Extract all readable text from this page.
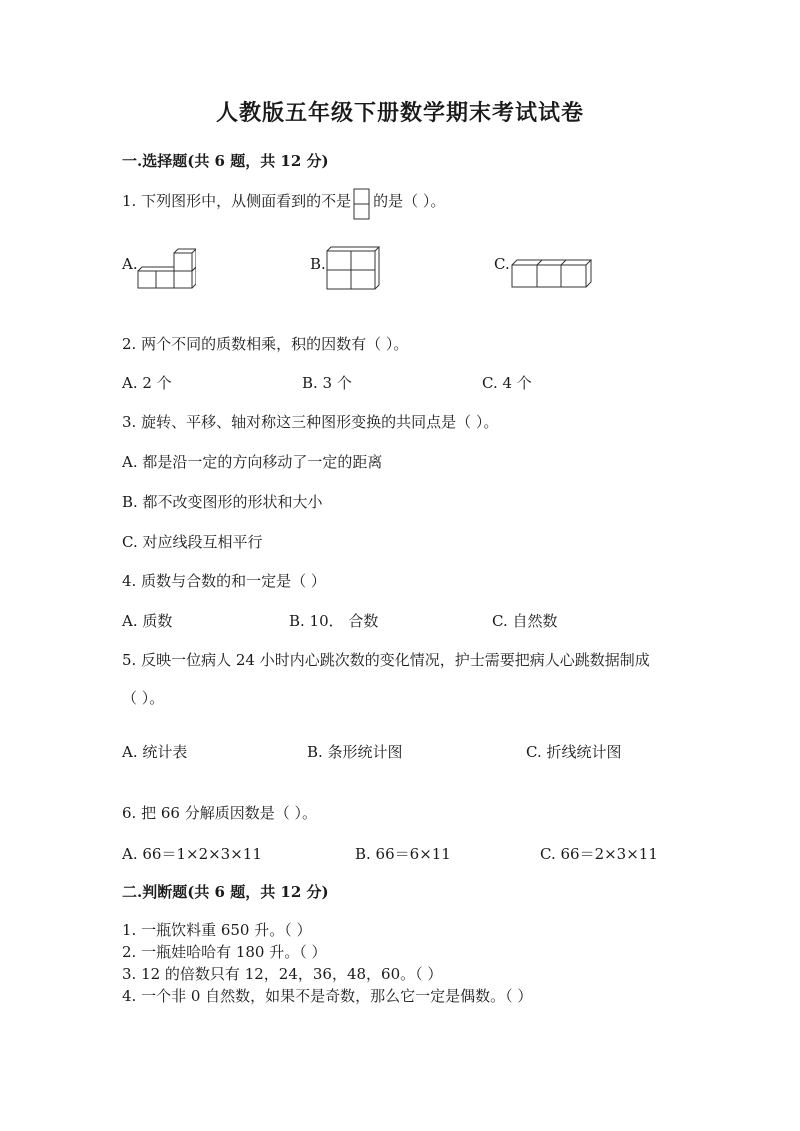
人教版五年级下册数学期末考试试卷
一.选择题(共 6 题，共 12 分)
1. 下列图形中，从侧面看到的不是 的是（ ）。
A.	B.	C.
2. 两个不同的质数相乘，积的因数有（ ）。
A. 2 个	B. 3 个	C. 4 个
3. 旋转、平移、轴对称这三种图形变换的共同点是（ ）。
A. 都是沿一定的方向移动了一定的距离
B. 都不改变图形的形状和大小
C. 对应线段互相平行
4. 质数与合数的和一定是（ ）
A. 质数	B. 10． 合数	C. 自然数
5. 反映一位病人 24 小时内心跳次数的变化情况，护士需要把病人心跳数据制成
（ ）。
A. 统计表	B. 条形统计图	C. 折线统计图
6. 把 66 分解质因数是（ ）。
A. 66＝1×2×3×11	B. 66＝6×11	C. 66＝2×3×11
二.判断题(共 6 题，共 12 分)
1. 一瓶饮料重 650 升。（ ）
2. 一瓶娃哈哈有 180 升。（ ）
3. 12 的倍数只有 12，24，36，48，60。（ ）
4. 一个非 0 自然数，如果不是奇数，那么它一定是偶数。（ ）
